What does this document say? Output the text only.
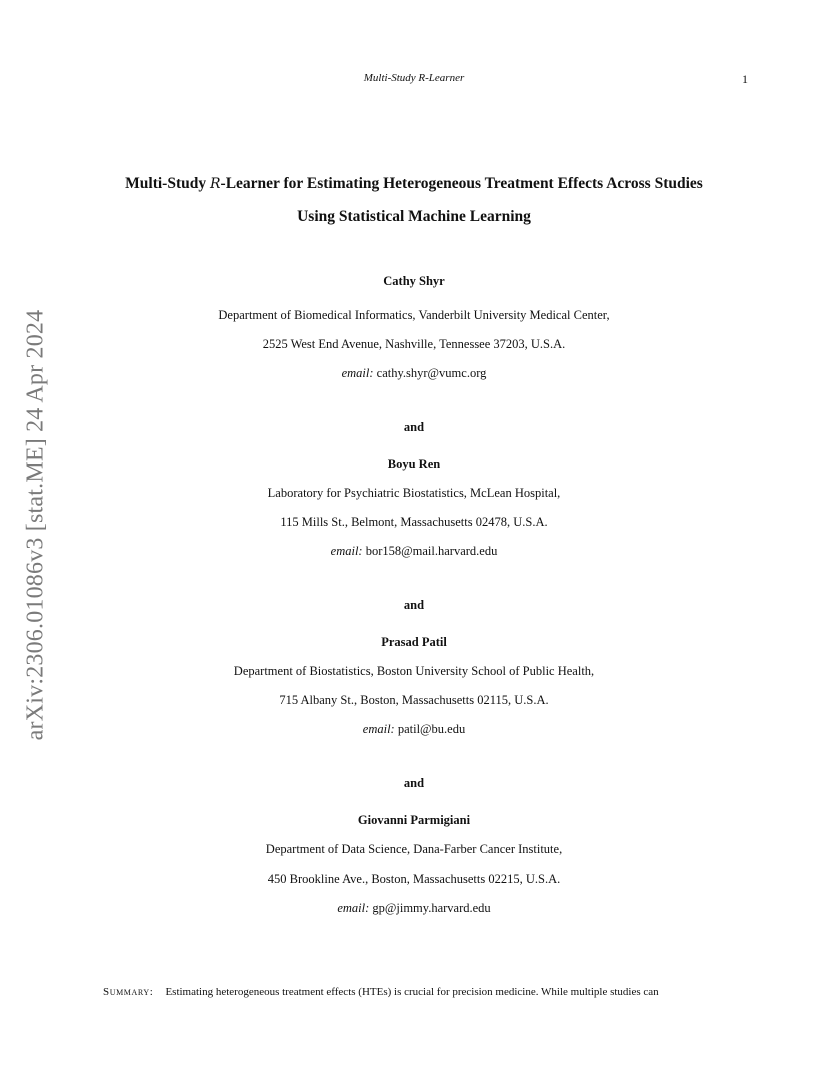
Multi-Study R-Learner	1
arXiv:2306.01086v3 [stat.ME] 24 Apr 2024
Multi-Study R-Learner for Estimating Heterogeneous Treatment Effects Across Studies
Using Statistical Machine Learning
Cathy Shyr
Department of Biomedical Informatics, Vanderbilt University Medical Center,
2525 West End Avenue, Nashville, Tennessee 37203, U.S.A.
email: cathy.shyr@vumc.org
and
Boyu Ren
Laboratory for Psychiatric Biostatistics, McLean Hospital,
115 Mills St., Belmont, Massachusetts 02478, U.S.A.
email: bor158@mail.harvard.edu
and
Prasad Patil
Department of Biostatistics, Boston University School of Public Health,
715 Albany St., Boston, Massachusetts 02115, U.S.A.
email: patil@bu.edu
and
Giovanni Parmigiani
Department of Data Science, Dana-Farber Cancer Institute,
450 Brookline Ave., Boston, Massachusetts 02215, U.S.A.
email: gp@jimmy.harvard.edu
Summary: Estimating heterogeneous treatment effects (HTEs) is crucial for precision medicine. While multiple studies can
